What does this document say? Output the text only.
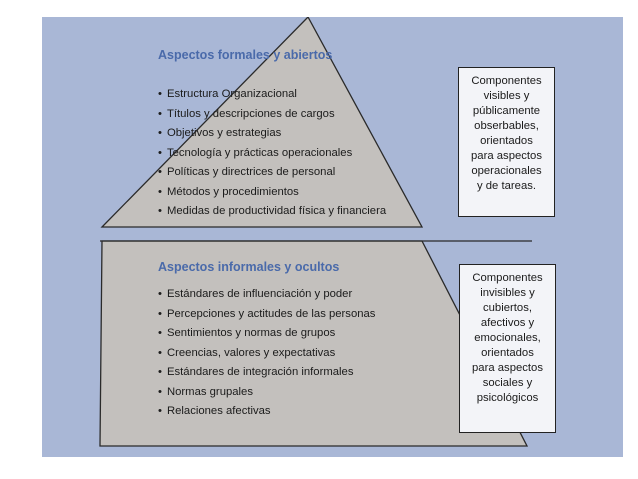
Aspectos formales y abiertos
• Estructura Organizacional
• Títulos y descripciones de cargos
• Objetivos y estrategias
• Tecnología y prácticas operacionales
• Políticas y directrices de personal
• Métodos y procedimientos
• Medidas de productividad física y financiera
Componentes
visibles y
públicamente
obserbables,
orientados
para aspectos
operacionales
y de tareas.
Aspectos informales y ocultos
• Estándares de influenciación y poder
• Percepciones y actitudes de las personas
• Sentimientos y normas de grupos
• Creencias, valores y expectativas
• Estándares de integración informales
• Normas grupales
• Relaciones afectivas
Componentes
invisibles y
cubiertos,
afectivos y
emocionales,
orientados
para aspectos
sociales y
psicológicos
